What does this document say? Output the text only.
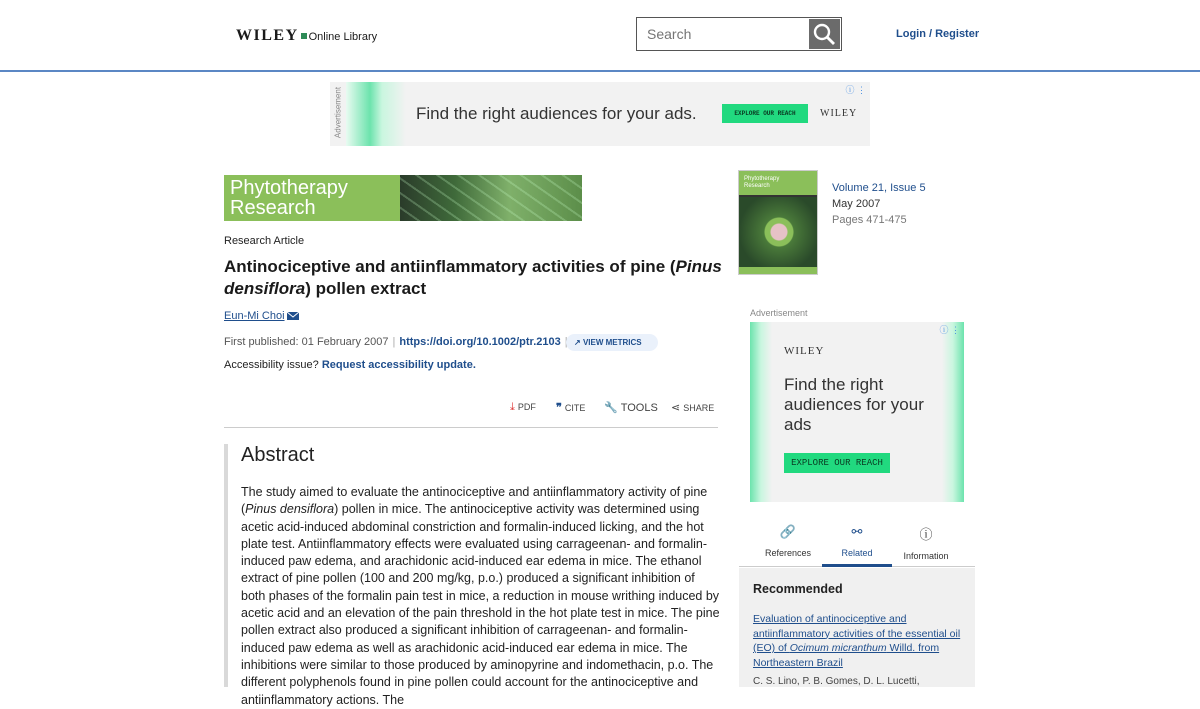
WILEY Online Library
Search	Login / Register
Advertisement	Find the right audiences for your ads.	EXPLORE OUR REACH	WILEY
ⓘ ⋮
Phytotherapy
Research
Research Article
Antinociceptive and antiinflammatory activities of pine (Pinus densiflora) pollen extract
Eun-Mi Choi
First published: 01 February 2007 | https://doi.org/10.1002/ptr.2103	↗ VIEW METRICS
Accessibility issue? Request accessibility update.
⤓ PDF ❞ CITE 🔧 TOOLS ⋖ SHARE
Abstract

The study aimed to evaluate the antinociceptive and antiinflammatory activity of pine (Pinus densiflora) pollen in mice. The antinociceptive activity was determined using acetic acid-induced abdominal constriction and formalin-induced licking, and the hot plate test. Antiinflammatory effects were evaluated using carrageenan- and formalin-induced paw edema, and arachidonic acid-induced ear edema in mice. The ethanol extract of pine pollen (100 and 200 mg/kg, p.o.) produced a significant inhibition of both phases of the formalin pain test in mice, a reduction in mouse writhing induced by acetic acid and an elevation of the pain threshold in the hot plate test in mice. The pine pollen extract also produced a significant inhibition of carrageenan- and formalin-induced paw edema as well as arachidonic acid-induced ear edema in mice. The inhibitions were similar to those produced by aminopyrine and indomethacin, p.o. The different polyphenols found in pine pollen could account for the antinociceptive and antiinflammatory actions. The

Phytotherapy
Research	Volume 21, Issue 5
May 2007
Pages 471-475
Advertisement
WILEY
Find the right audiences for your ads
EXPLORE OUR REACH
ⓘ ⋮
🔗
References
⚯
Related
ⓘ
Information
Recommended
Evaluation of antinociceptive and antiinflammatory activities of the essential oil (EO) of Ocimum micranthum Willd. from Northeastern Brazil
C. S. Lino, P. B. Gomes, D. L. Lucetti,
